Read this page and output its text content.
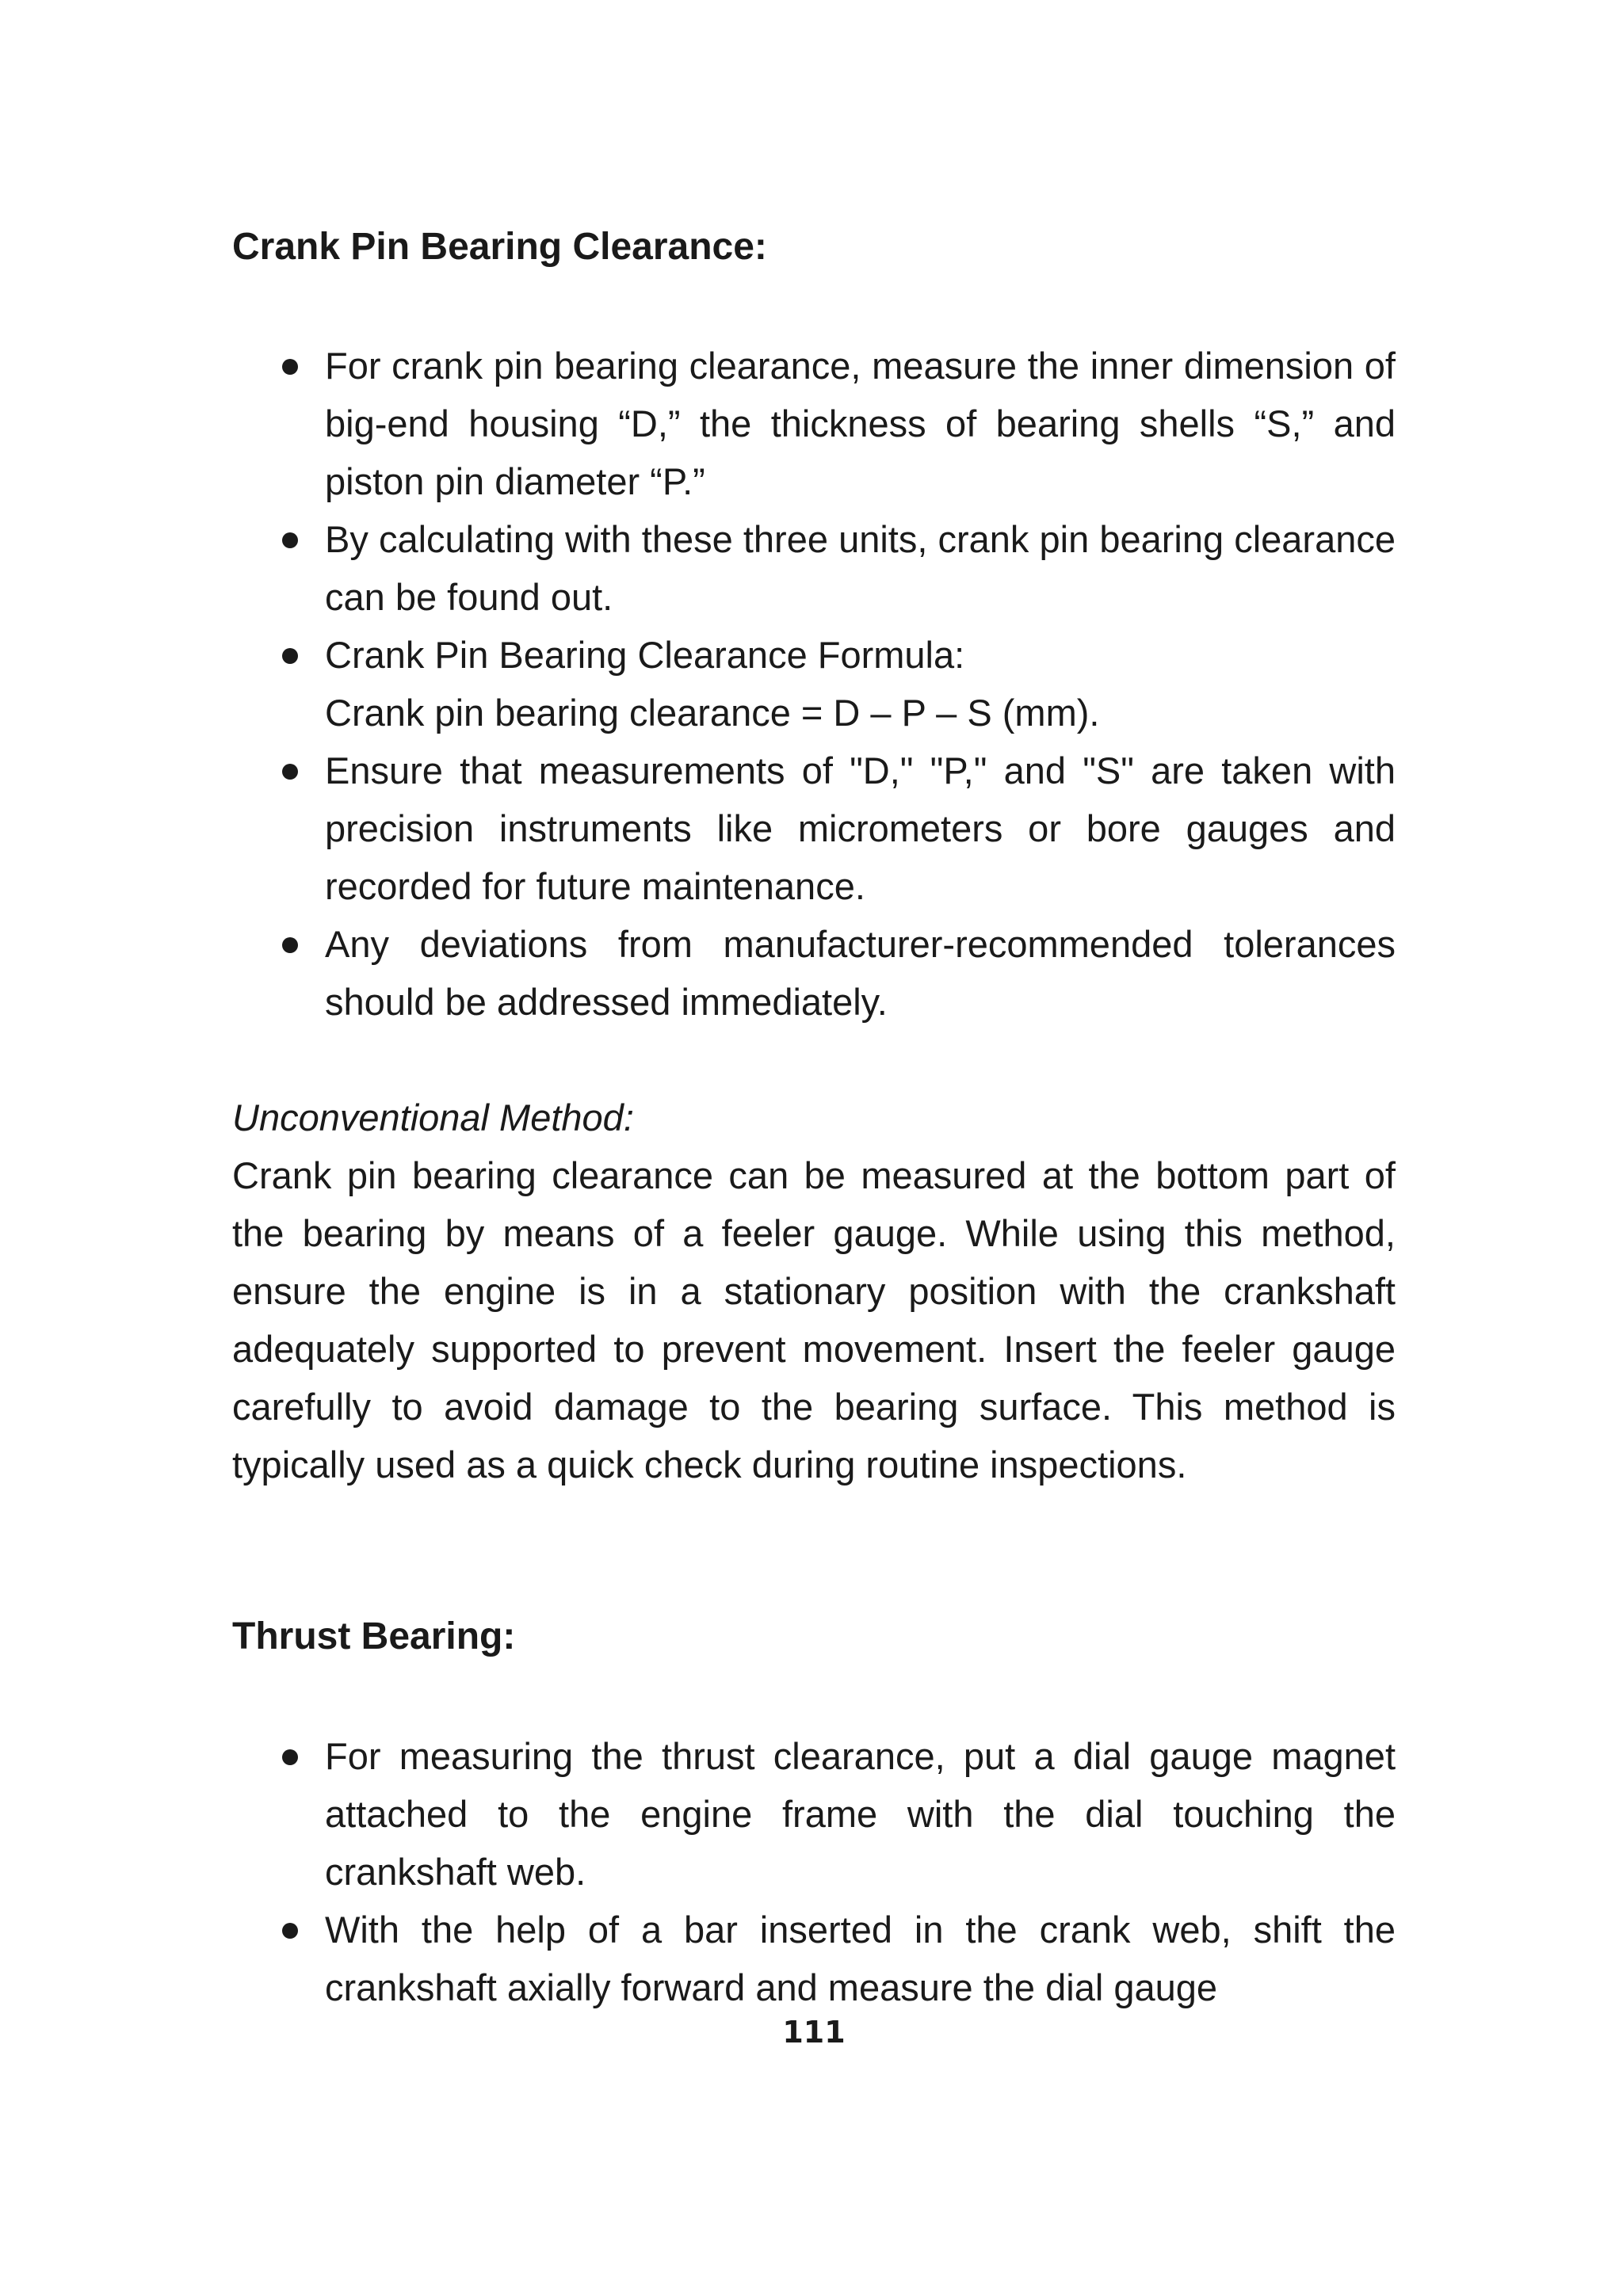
Crank Pin Bearing Clearance:
For crank pin bearing clearance, measure the inner dimension of big-end housing “D,” the thickness of bearing shells “S,” and piston pin diameter “P.”
By calculating with these three units, crank pin bearing clearance can be found out.
Crank Pin Bearing Clearance Formula:
Crank pin bearing clearance = D – P – S (mm).
Ensure that measurements of "D," "P," and "S" are taken with precision instruments like micrometers or bore gauges and recorded for future maintenance.
Any deviations from manufacturer-recommended tolerances should be addressed immediately.

Unconventional Method:

Crank pin bearing clearance can be measured at the bottom part of the bearing by means of a feeler gauge. While using this method, ensure the engine is in a stationary position with the crankshaft adequately supported to prevent movement. Insert the feeler gauge carefully to avoid damage to the bearing surface. This method is typically used as a quick check during routine inspections.

Thrust Bearing:
For measuring the thrust clearance, put a dial gauge magnet attached to the engine frame with the dial touching the crankshaft web.
With the help of a bar inserted in the crank web, shift the crankshaft axially forward and measure the dial gauge
111
